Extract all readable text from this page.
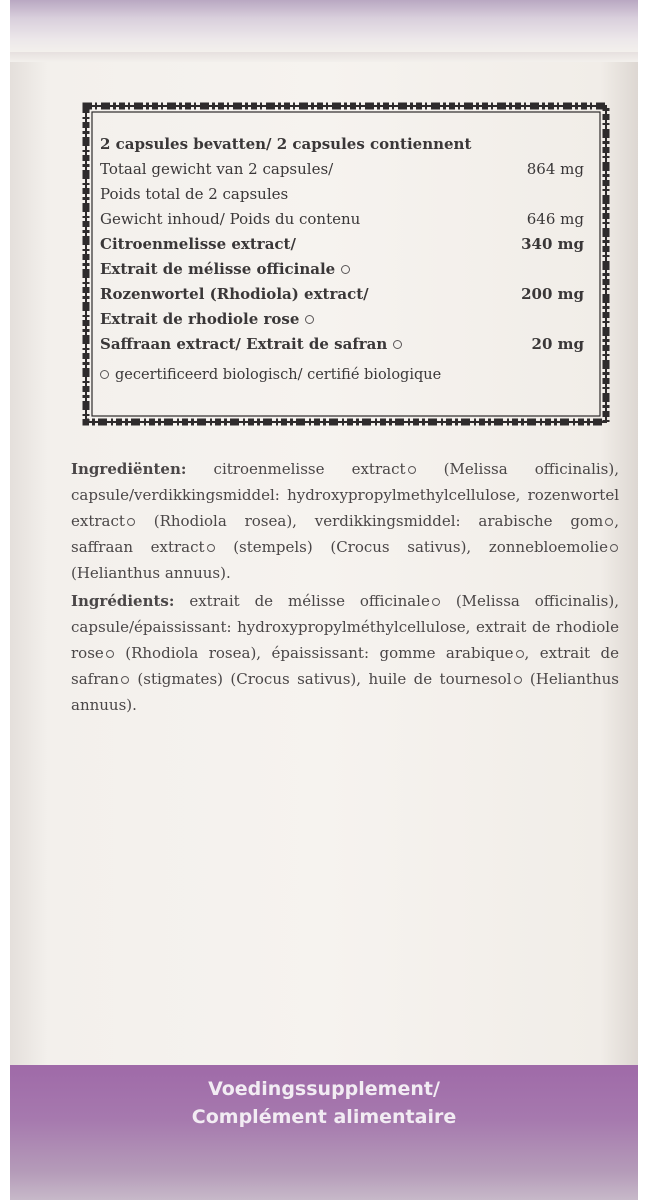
2 capsules bevatten/ 2 capsules contiennent
Totaal gewicht van 2 capsules/	864 mg
Poids total de 2 capsules
Gewicht inhoud/ Poids du contenu	646 mg
Citroenmelisse extract/	340 mg
Extrait de mélisse officinale
Rozenwortel (Rhodiola) extract/	200 mg
Extrait de rhodiole rose
Saffraan extract/ Extrait de safran	20 mg
gecertificeerd biologisch/ certifié biologique

Ingrediënten: citroenmelisse extract	(Melissa officinalis), capsule/verdikkingsmiddel: hydroxypropylmethylcellulose, rozenwortel extract (Rhodiola rosea), verdikkingsmiddel: arabische gom , saffraan extract (stempels) (Crocus sativus), zonnebloemolie (Helianthus annuus).

Ingrédients: extrait de mélisse officinale (Melissa officinalis), capsule/épaississant: hydroxypropylméthylcellulose, extrait de rhodiole rose (Rhodiola rosea), épaississant: gomme arabique , extrait de safran (stigmates) (Crocus sativus), huile de tournesol (Helianthus annuus).

Voedingssupplement/
Complément alimentaire
